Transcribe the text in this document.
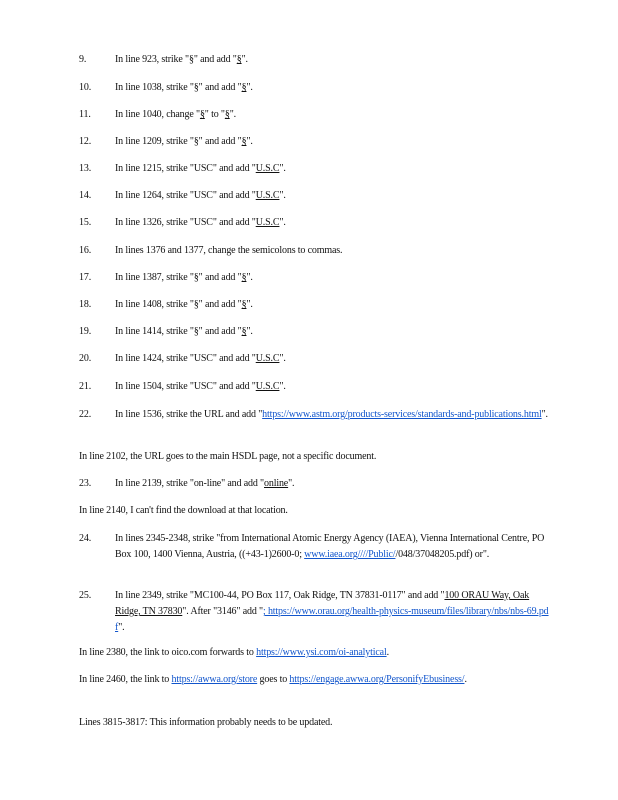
9.	In line 923, strike "§" and add "§".
10. In line 1038, strike "§" and add "§".
11. In line 1040, change "§" to "§".
12. In line 1209, strike "§" and add "§".
13. In line 1215, strike "USC" and add "U.S.C".
14. In line 1264, strike "USC" and add "U.S.C".
15. In line 1326, strike "USC" and add "U.S.C".
16. In lines 1376 and 1377, change the semicolons to commas.
17. In line 1387, strike "§" and add "§".
18. In line 1408, strike "§" and add "§".
19. In line 1414, strike "§" and add "§".
20. In line 1424, strike "USC" and add "U.S.C".
21. In line 1504, strike "USC" and add "U.S.C".
22. In line 1536, strike the URL and add "https://www.astm.org/products-services/standards-and-publications.html".
In line 2102, the URL goes to the main HSDL page, not a specific document.
23. In line 2139, strike "on-line" and add "online".
In line 2140, I can't find the download at that location.
24. In lines 2345-2348, strike "from International Atomic Energy Agency (IAEA), Vienna International Centre, PO Box 100, 1400 Vienna, Austria, ((+43-1)2600-0; www.iaea.org////Public//048/37048205.pdf) or".
25. In line 2349, strike "MC100-44, PO Box 117, Oak Ridge, TN 37831-0117" and add "100 ORAU Way, Oak Ridge, TN 37830". After "3146" add "; https://www.orau.org/health-physics-museum/files/library/nbs/nbs-69.pdf".
In line 2380, the link to oico.com forwards to https://www.ysi.com/oi-analytical.
In line 2460, the link to https://awwa.org/store goes to https://engage.awwa.org/PersonifyEbusiness/.
Lines 3815-3817: This information probably needs to be updated.
